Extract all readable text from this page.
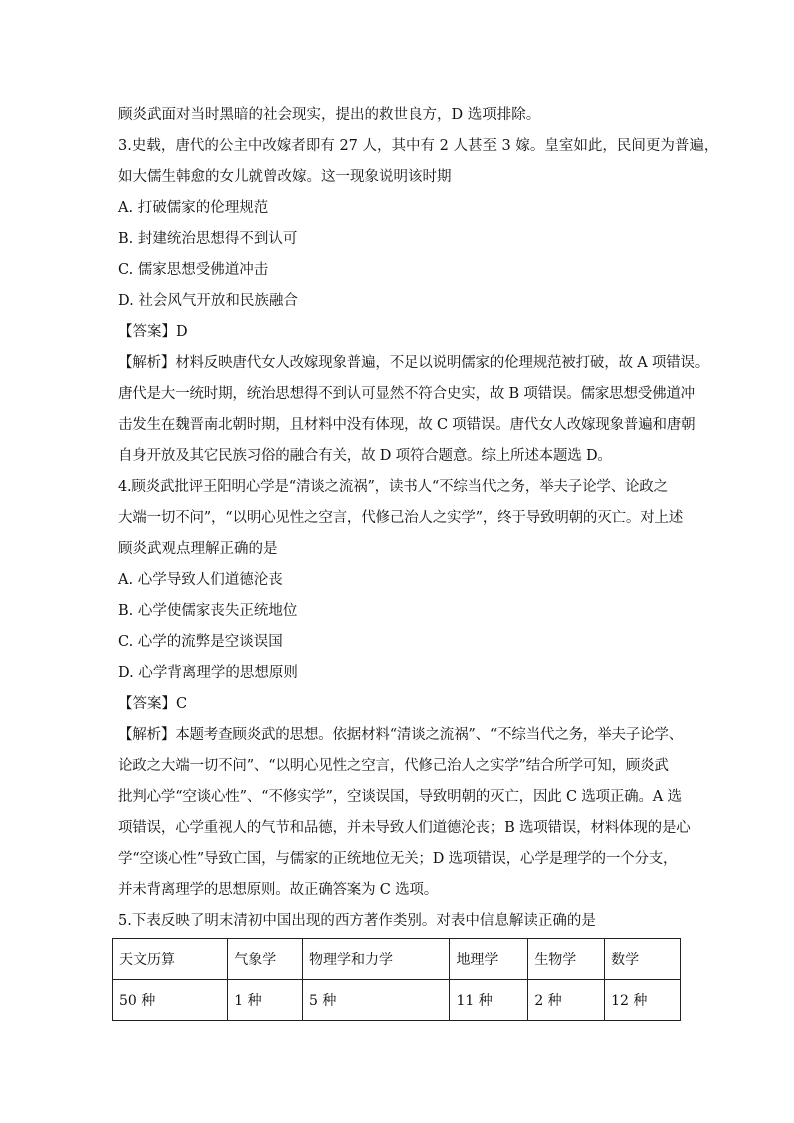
顾炎武面对当时黑暗的社会现实，提出的救世良方，D 选项排除。
3.史载，唐代的公主中改嫁者即有 27 人，其中有 2 人甚至 3 嫁。皇室如此，民间更为普遍，
如大儒生韩愈的女儿就曾改嫁。这一现象说明该时期
A. 打破儒家的伦理规范
B. 封建统治思想得不到认可
C. 儒家思想受佛道冲击
D. 社会风气开放和民族融合
【答案】D
【解析】材料反映唐代女人改嫁现象普遍，不足以说明儒家的伦理规范被打破，故 A 项错误。
唐代是大一统时期，统治思想得不到认可显然不符合史实，故 B 项错误。儒家思想受佛道冲
击发生在魏晋南北朝时期，且材料中没有体现，故 C 项错误。唐代女人改嫁现象普遍和唐朝
自身开放及其它民族习俗的融合有关，故 D 项符合题意。综上所述本题选 D。
4.顾炎武批评王阳明心学是“清谈之流祸”，读书人“不综当代之务，举夫子论学、论政之
大端一切不问”，“以明心见性之空言，代修己治人之实学”，终于导致明朝的灭亡。对上述
顾炎武观点理解正确的是
A. 心学导致人们道德沦丧
B. 心学使儒家丧失正统地位
C. 心学的流弊是空谈误国
D. 心学背离理学的思想原则
【答案】C
【解析】本题考查顾炎武的思想。依据材料“清谈之流祸”、“不综当代之务，举夫子论学、
论政之大端一切不问”、“以明心见性之空言，代修己治人之实学”结合所学可知，顾炎武
批判心学“空谈心性”、“不修实学”，空谈误国，导致明朝的灭亡，因此 C 选项正确。A 选
项错误，心学重视人的气节和品德，并未导致人们道德沦丧；B 选项错误，材料体现的是心
学“空谈心性”导致亡国，与儒家的正统地位无关；D 选项错误，心学是理学的一个分支，
并未背离理学的思想原则。故正确答案为 C 选项。
5.下表反映了明末清初中国出现的西方著作类别。对表中信息解读正确的是
天文历算	气象学	物理学和力学	地理学	生物学	数学
50 种	1 种	5 种	11 种	2 种	12 种
